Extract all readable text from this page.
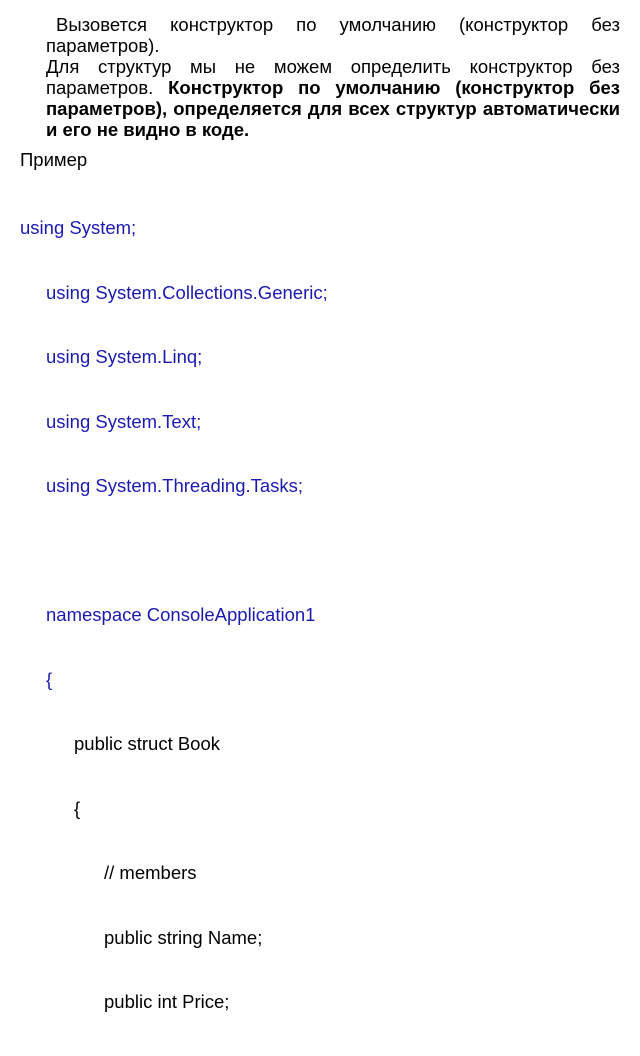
Вызовется конструктор по умолчанию (конструктор без параметров).

Для структур мы не можем определить конструктор без параметров. Конструктор по умолчанию (конструктор без параметров), определяется для всех структур автоматически и его не видно в коде.

Пример

using System;

using System.Collections.Generic;

using System.Linq;

using System.Text;

using System.Threading.Tasks;

namespace ConsoleApplication1

{

public struct Book

{

// members

public string Name;

public int Price;
